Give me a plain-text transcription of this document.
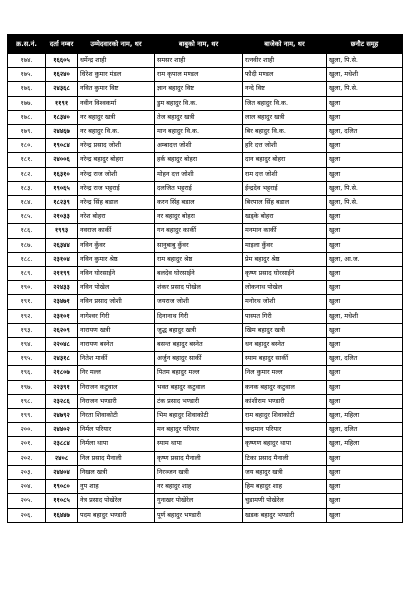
क्र.स.नं.	दर्ता नम्बर	उम्मेदवारको नाम, थर	बाबुको नाम, थर	बाजेको नाम, थर	छनौट समूह
१७४.	१६६०५	धर्मेन्द्र शाही	समसर शाही	रत्नवीर शाही	खुला, पि.से.
१७५.	१६२४०	धिरेश कुमार मंडल	राम कृपाल मण्डल	फौदी मण्डल	खुला, मधेशी
१७६.	२४३६८	नवित कुमार विष्ट	ज्ञान बहादुर विष्ट	नन्दे विष्ट	खुला, पि.से.
१७७.	११९१	नवीन विश्वकर्मा	डुम बहादुर वि.क.	जित बहादुर वि.क.	खुला
१७८.	१८३४०	नर बहादुर खत्री	तेज बहादुर खत्री	लाल बहादुर खत्री	खुला
१७९.	२४४६७	नर बहादुर वि.क.	मान बहादुर वि.क.	बिर बहादुर वि.क.	खुला, दलित
१८०.	१९०८४	नरेन्द्र प्रसाद जोशी	अम्बादत्त जोशी	हरि दत्त जोशी	खुला
१८१.	२४००६	नरेन्द्र बहादुर बोहरा	हर्क बहादुर बोहरा	दान बहादुर बोहरा	खुला
१८२.	१६३१०	नरेन्द्र राज जोशी	मोहन दत्त जोशी	राम दत्त जोशी	खुला
१८३.	१९०६५	नरेन्द्र राज भट्टराई	दलजित भट्टराई	ईन्द्रदेव भट्टराई	खुला, पि.से.
१८४.	१८२३९	नरेन्द्र सिंह बडाल	करन सिंह बडाल	बिरपाल सिंह बडाल	खुला, पि.से.
१८५.	२१०३३	नरेश बोहरा	नर बहादुर बोहरा	खड्के बोहरा	खुला
१८६.	१९९३	नवराज कार्की	गन बहादुर कार्की	मनमान कार्की	खुला
१८७.	२६३४४	नविन कुँवर	सानुबाबु कुँवर	माइला कुँवर	खुला
१८८.	२३१०४	नविन कुमार श्रेष्ठ	राम बहादुर श्रेष्ठ	प्रेम बहादुर श्रेष्ठ	खुला, आ.ज.
१८९.	२११९९	नविन घोरसाईने	बलदेव घोरसाईने	कृष्ण प्रसाद घोरसाईने	खुला
१९०.	२२४३३	नविन पोखेल	शंकर प्रसाद पोखेल	लोकनाथ पोखेल	खुला
१९१.	२३४७१	नविन प्रसाद जोशी	जयराज जोशी	मनोरथ जोशी	खुला
१९२.	२३१०१	नागेश्वर गिरी	दिनानाथ गिरी	पास्पत गिरी	खुला, मधेशी
१९३.	२६२०९	नारायण खत्री	जुद्ध बहादुर खत्री	खिम बहादुर खत्री	खुला
१९४.	२२०४८	नारायण बस्नेत	बसन्त बहादुर बस्नेत	धन बहादुर बस्नेत	खुला
१९५.	२४३१८	नितेश मार्की	अर्जुन बहादुर सार्की	स्याम बहादुर सार्की	खुला, दलित
१९६.	२१८०७	निर मल्ल	पितम बहादुर मल्ल	निल कुमार मल्ल	खुला
१९७.	२२३९१	निराजन कटुवाल	भक्त बहादुर कटुवाल	कनक बहादुर कटुवाल	खुला
१९८.	२३२८६	निराजन भण्डारी	टंक प्रसाद भण्डारी	कांशीराम भण्डारी	खुला
१९९.	२४७९२	निरता शिवाकोटी	भिम बहादुर शिवाकोटी	राम बहादुर शिवाकोटी	खुला, महिला
२००.	२४४०२	निर्मल परियार	मन बहादुर परियार	चन्द्रमान परियार	खुला, दलित
२०१.	२३८८४	निर्मला थापा	स्याम थापा	कृष्णण बहादुर थापा	खुला, महिला
२०२.	२४०८	निल प्रसाद मैनाली	कृष्ण प्रसाद मैनाली	टिका प्रसाद मैनाली	खुला
२०३.	२४४०४	निखल खत्री	निरञ्जन खत्री	जय बहादुर खत्री	खुला
२०४.	१९०८०	नुप शाह	नर बहादुर शाह	हिम बहादुर शाह	खुला
२०५.	११०८५	नेत्र प्रसाद पोखेरेल	गुनाखर पोखेरेल	चुडामणी पोखेरेल	खुला
२०६.	१६४४७	पदम बहादुर भण्डारी	पूर्ण बहादुर भण्डारी	खडक बहादुर भण्डारी	खुला
